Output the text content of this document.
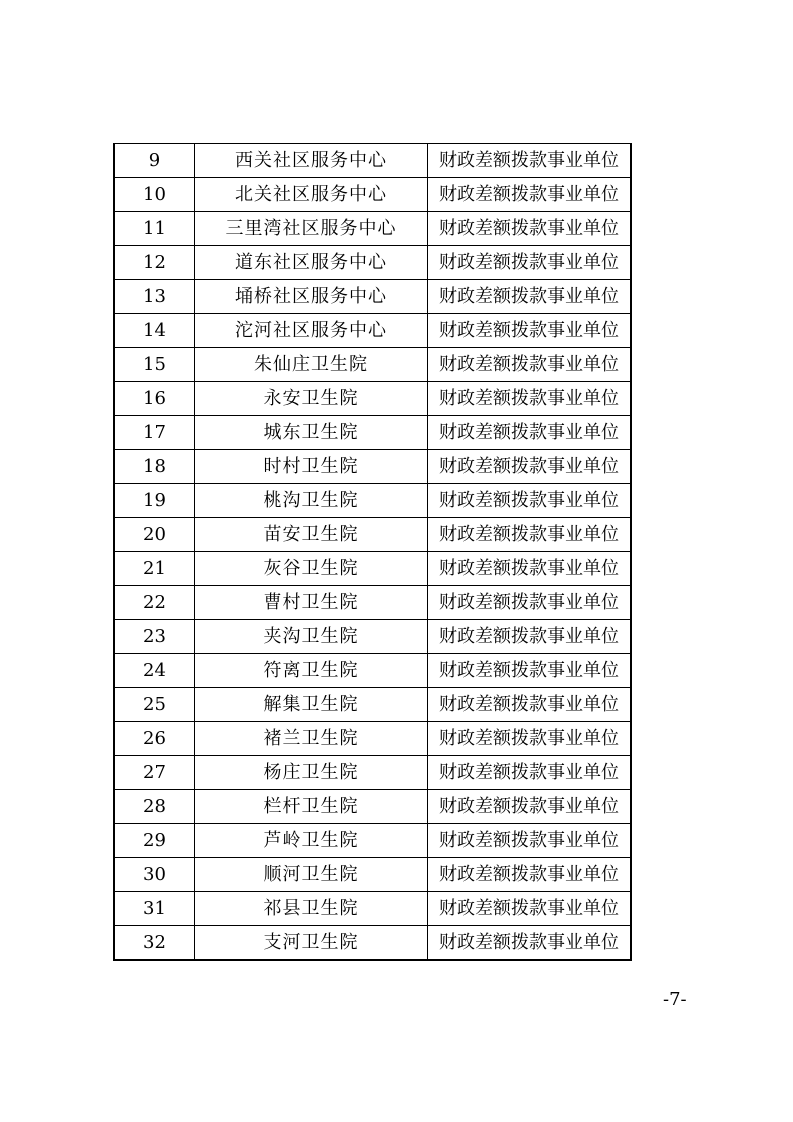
9	西关社区服务中心	财政差额拨款事业单位
10	北关社区服务中心	财政差额拨款事业单位
11	三里湾社区服务中心	财政差额拨款事业单位
12	道东社区服务中心	财政差额拨款事业单位
13	埇桥社区服务中心	财政差额拨款事业单位
14	沱河社区服务中心	财政差额拨款事业单位
15	朱仙庄卫生院	财政差额拨款事业单位
16	永安卫生院	财政差额拨款事业单位
17	城东卫生院	财政差额拨款事业单位
18	时村卫生院	财政差额拨款事业单位
19	桃沟卫生院	财政差额拨款事业单位
20	苗安卫生院	财政差额拨款事业单位
21	灰谷卫生院	财政差额拨款事业单位
22	曹村卫生院	财政差额拨款事业单位
23	夹沟卫生院	财政差额拨款事业单位
24	符离卫生院	财政差额拨款事业单位
25	解集卫生院	财政差额拨款事业单位
26	褚兰卫生院	财政差额拨款事业单位
27	杨庄卫生院	财政差额拨款事业单位
28	栏杆卫生院	财政差额拨款事业单位
29	芦岭卫生院	财政差额拨款事业单位
30	顺河卫生院	财政差额拨款事业单位
31	祁县卫生院	财政差额拨款事业单位
32	支河卫生院	财政差额拨款事业单位
-7-
